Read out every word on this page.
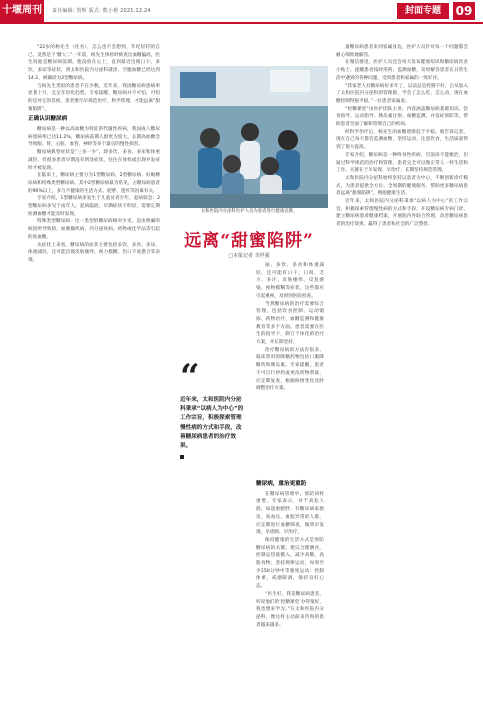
十堰周刊	责任编辑: 贺辉 版式: 熊小艳 2021.12.24	封面专题	09

“22岁的杨先生（化名），怎么也不会想到，年纪轻轻的自己，竟然是个‘糖人’。”一年前，杨先生体检时被查出血糖偏高，医生说他是糖尿病前期。他没放在心上，直到最近出现口干、多饮、多尿等症状，到太和医院内分泌科就诊，空腹血糖已经达到14.2，被确诊为2型糖尿病。

与杨先生类似的患者不在少数。近年来，我国糖尿病患病率显著上升，且呈年轻化趋势。专家提醒，糖尿病并不可怕，可怕的是对它的忽视，患者要尽早规范治疗，科学管理，才能远离“甜蜜陷阱”。

正确认识糖尿病

糖尿病是一种以高血糖为特征的代谢性疾病，我国成人糖尿病患病率已达11.2%，糖尿病前期人群更为庞大。长期高血糖会导致眼、肾、心脏、血管、神经等多个器官的慢性损害。

糖尿病典型症状是“三多一少”，即多饮、多食、多尿和体重减轻，但很多患者早期没有明显症状，往往在体检或出现并发症时才被发现。

在临床上，糖尿病主要分为1型糖尿病、2型糖尿病、妊娠糖尿病和特殊类型糖尿病。其中2型糖尿病最为常见，占糖尿病患者的90%以上，多与不健康的生活方式、肥胖、遗传等因素有关。

专家介绍，1型糖尿病多发生于儿童及青少年，起病较急；2型糖尿病多见于成年人，起病隐匿，早期症状不明显，需要定期检测血糖才能及时发现。

特殊类型糖尿病：这一类型的糖尿病相对少见，是由明确的病因所导致的，如胰腺疾病、内分泌疾病、药物或化学品等引起的高血糖。

从症状上来看，糖尿病的症状主要包括多饮、多食、多尿、体重减轻，还可能出现皮肤瘙痒、视力模糊、伤口不易愈合等表现。

太和医院内分泌科医护人员为患者进行健康宣教。
远离“甜蜜陷阱”
□本报记者 李世强

屎、多饮、多食和体重减轻，还可能有口干、口渴、乏力、多汗、皮肤瘙痒、反复感染、视物模糊等症状，这些都应引起重视，及时到医院检查。

当然糖尿病的治疗需要综合管理，包括饮食控制、运动锻炼、药物治疗、血糖监测和健康教育等多个方面。患者需要在医生的指导下，制订个体化的治疗方案，并长期坚持。

治疗糖尿病的方法有很多，临床常用的降糖药物包括口服降糖药和胰岛素。专家提醒，患者不可自行停药或更改药物剂量，应定期复查，根据病情变化及时调整治疗方案。

糖尿病，重治更重防

在糖尿病管理中，预防同样重要。专家表示，对于高危人群，如超重肥胖、有糖尿病家族史、高血压、血脂异常的人群，应定期进行血糖筛查，做到早发现、早诊断、早治疗。

保持健康的生活方式是预防糖尿病的关键。建议合理膳食，控制总热量摄入，减少高糖、高脂食物；坚持规律运动，每周至少150分钟中等强度运动；控制体重，戒烟限酒，保持良好心态。

“医生好，我是糖尿病患者，听说他们的‘控糖课堂’办得很好，我也想来学习。”在太和医院内分泌科，像这样主动前来咨询的患者越来越多。

“
近年来，太和医院内分泌科秉承“以病人为中心”的工作宗旨，积极探索管理慢性病的方式和手段，改善糖尿病患者的治疗效果。

量糖尿病患者来到家属身边，医护人员针对每一个问题都会耐心细致地解答。

在微信群里，医护人员还会每天发布健康知识和糖尿病饮食小贴士，提醒患者按时用药、监测血糖，及时解答患者在日常生活中遇到的各种问题，受到患者和家属的一致好评。

“我家老人有糖尿病好多年了，以前总是控制不好，自从加入了太和医院内分泌科的管理群，学会了怎么吃、怎么动，现在血糖控制得很平稳。”一位患者家属说。

“控糖课堂”由医护团队主讲，内容涵盖糖尿病基础知识、饮食指导、运动指导、胰岛素注射、血糖监测、并发症预防等，帮助患者全面了解和管理自己的疾病。

经科学治疗后，杨先生的血糖逐渐趋于平稳。他告诉记者，现在自己每天都会监测血糖，坚持运动，注意饮食，生活质量得到了很大提高。

专家介绍，糖尿病是一种终身性疾病，目前尚不能根治，但通过科学规范的治疗和管理，患者完全可以像正常人一样生活和工作。关键在于早发现、早治疗、长期坚持规范管理。

太和医院内分泌科始终坚持以患者为中心，不断创新诊疗模式，为患者提供全方位、全周期的健康服务，帮助更多糖尿病患者远离“甜蜜陷阱”，拥抱健康生活。

近年来，太和医院内分泌科秉承“以病人为中心”的工作宗旨，积极探索管理慢性病的方式和手段，开设糖尿病专病门诊，建立糖尿病患者健康档案，开展院内外联合管理，改善糖尿病患者的治疗效果，赢得了患者和社会的广泛赞誉。
